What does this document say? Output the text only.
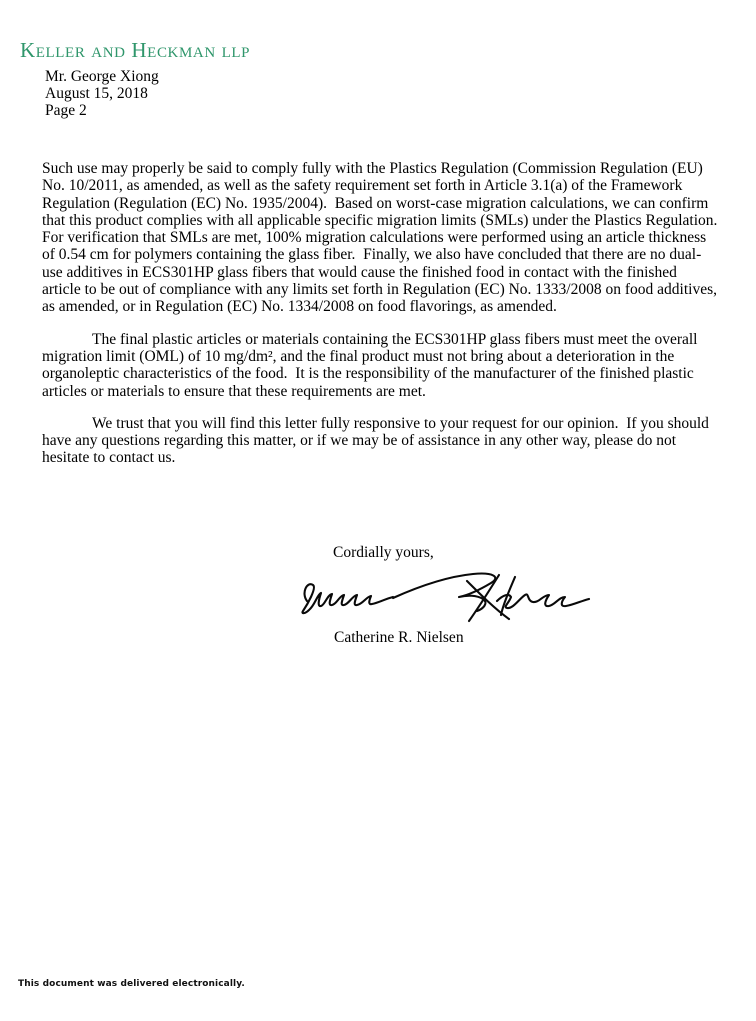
Keller and Heckman llp
Mr. George Xiong
August 15, 2018
Page 2

Such use may properly be said to comply fully with the Plastics Regulation (Commission Regulation (EU) No. 10/2011, as amended, as well as the safety requirement set forth in Article 3.1(a) of the Framework Regulation (Regulation (EC) No. 1935/2004).  Based on worst-case migration calculations, we can confirm that this product complies with all applicable specific migration limits (SMLs) under the Plastics Regulation.  For verification that SMLs are met, 100% migration calculations were performed using an article thickness of 0.54 cm for polymers containing the glass fiber.  Finally, we also have concluded that there are no dual-use additives in ECS301HP glass fibers that would cause the finished food in contact with the finished article to be out of compliance with any limits set forth in Regulation (EC) No. 1333/2008 on food additives, as amended, or in Regulation (EC) No. 1334/2008 on food flavorings, as amended.

The final plastic articles or materials containing the ECS301HP glass fibers must meet the overall migration limit (OML) of 10 mg/dm², and the final product must not bring about a deterioration in the organoleptic characteristics of the food.  It is the responsibility of the manufacturer of the finished plastic articles or materials to ensure that these requirements are met.

We trust that you will find this letter fully responsive to your request for our opinion.  If you should have any questions regarding this matter, or if we may be of assistance in any other way, please do not hesitate to contact us.

Cordially yours,
Catherine R. Nielsen
This document was delivered electronically.
